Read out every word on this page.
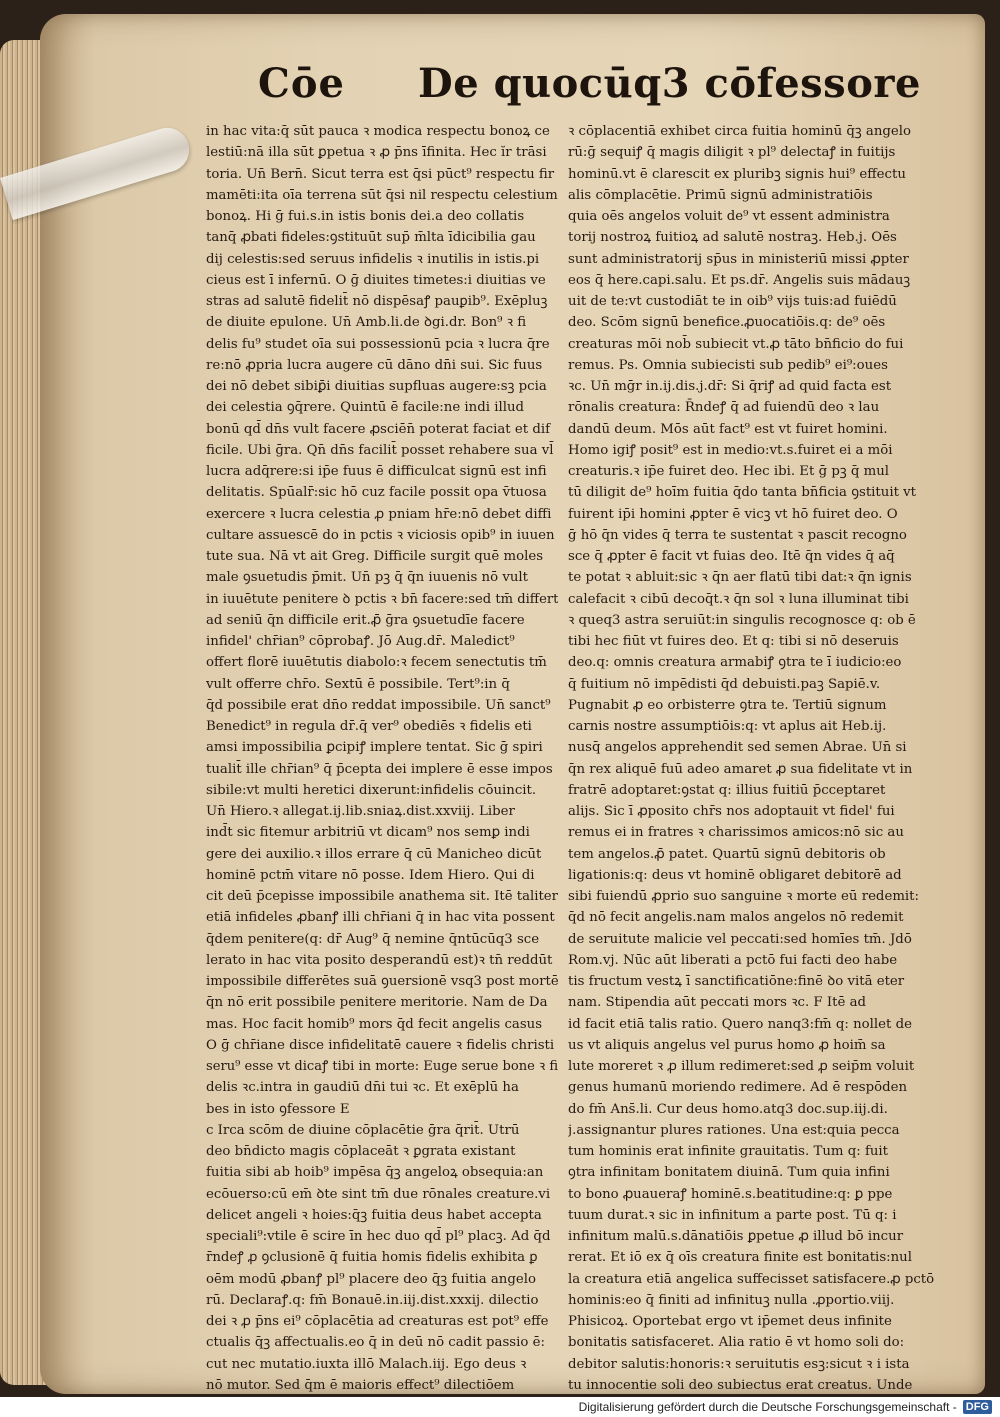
Cōe De quocūq3 cōfessore
in hac vita:q̄ sūt pauca ꝛ modica respectu bonoꝝ ce
lestiū:nā illa sūt ꝑpetua ꝛ ꝓ p̄ns īfinita. Hec ĭr trāsi
toria. Un̄ Bern̄. Sicut terra est q̄si pūct⁹ respectu fir
mamēti:ita oīa terrena sūt q̄si nil respectu celestium
bonoꝝ. Hi ḡ fui.s.in istis bonis dei.a deo collatis
tanq̄ ꝓbati fideles:ꝯstituūt sup̄ m̄lta īdicibilia gau
dij celestis:sed seruus infidelis ꝛ inutilis in istis.pi
cieus est ī infernū. O ḡ diuites timetes:i diuitias ve
stras ad salutē fidelit̄ nō dispēsaꝭ pauꝑib⁹. Exēpluꝫ
de diuite epulone. Un̄ Amb.li.de ꝺgi.dr. Bon⁹ ꝛ fi
delis fu⁹ studet oīa sui possessionū pcia ꝛ lucra q̄re
re:nō ꝓpria lucra augere cū dāno dn̄i sui. Sic fuus
dei nō debet sibiꝑ̄i diuitias supfluas augere:sꝫ pcia
dei celestia ꝯq̄rere. Quintū ē facile:ne indi illud
bonū qd̄ dn̄s vult facere ꝓsciēn̄ poterat faciat et dif
ficile. Ubi ḡra. Qn̄ dn̄s facilit̄ posset rehabere sua vl̄
lucra adq̄rere:si ip̄e fuus ē difficulcat signū est infi
delitatis. Spūalr̄:sic hō cuz facile possit opa v̄tuosa
exercere ꝛ lucra celestia ꝓ pniam hr̄e:nō debet diffi
cultare assuescē do in pctis ꝛ viciosis opib⁹ in iuuen
tute sua. Nā vt ait Greg. Difficile surgit quē moles
male ꝯsuetudis p̄mit. Un̄ pꝫ q̄ q̄n iuuenis nō vult
in iuuētute penitere ꝺ pctis ꝛ bn̄ facere:sed tm̄ differt
ad seniū q̄n difficile erit.ꝓ̄ ḡra ꝯsuetudīe facere
infidel' chr̄ian⁹ cōprobaꝭ. Jō Aug.dr̄. Maledict⁹
offert florē iuuētutis diabolo:ꝛ fecem senectutis tm̄
vult offerre chr̄o. Sextū ē possibile. Tert⁹:in q̄
q̄d possibile erat dn̄o reddat impossibile. Un̄ sanct⁹
Benedict⁹ in regula dr̄.q̄ ver⁹ obediēs ꝛ fidelis eti
amsi impossibilia ꝑcipiꝭ implere tentat. Sic ḡ spiri
tualit̄ ille chr̄ian⁹ q̄ p̄cepta dei implere ē esse impos
sibile:vt multi heretici dixerunt:infidelis cōuincit.
Un̄ Hiero.ꝛ allegat.ij.lib.sniaꝝ.dist.xxviij. Liber
ind̄t sic fitemur arbitriū vt dicam⁹ nos semꝑ indi
gere dei auxilio.ꝛ illos errare q̄ cū Manicheo dicūt
hominē pctm̄ vitare nō posse. Idem Hiero. Qui di
cit deū p̄cepisse impossibile anathema sit. Itē taliter
etiā infideles ꝓbanꝭ illi chr̄iani q̄ in hac vita possent
q̄dem penitere(q: dr̄ Aug⁹ q̄ nemine q̄ntūcūq3 sce
lerato in hac vita posito desperandū est)ꝛ tn̄ reddūt
impossibile differētes suā ꝯuersionē vsq3 post mortē
q̄n nō erit possibile penitere meritorie. Nam de Da
mas. Hoc facit homib⁹ mors q̄d fecit angelis casus
O ḡ chr̄iane disce infidelitatē cauere ꝛ fidelis christi
seru⁹ esse vt dicaꝭ tibi in morte: Euge serue bone ꝛ fi
delis ꝛc.intra in gaudiū dn̄i tui ꝛc. Et exēplū ha
bes in isto ꝯfessore E
c Irca scōm de diuine cōplacētie ḡra q̄rit̄. Utrū
deo bn̄dicto magis cōplaceāt ꝛ ꝑgrata existant
fuitia sibi ab hoib⁹ impēsa q̄ꝫ angeloꝝ obsequia:an
ecōuerso:cū em̄ ꝺte sint tm̄ due rōnales creature.vi
delicet angeli ꝛ hoies:q̄ꝫ fuitia deus habet accepta
speciali⁹:vtile ē scire īn hec duo qd̄ pl⁹ placꝫ. Ad q̄d
r̄ndeꝭ ꝓ ꝯclusionē q̄ fuitia homis fidelis exhibita ꝑ
oēm modū ꝓbanꝭ pl⁹ placere deo q̄ꝫ fuitia angelo
rū. Declaraꝭ.q: fm̄ Bonauē.in.iij.dist.xxxij. dilectio
dei ꝛ ꝓ p̄ns ei⁹ cōplacētia ad creaturas est pot⁹ effe
ctualis q̄ꝫ affectualis.eo q̄ in deū nō cadit passio ē:
cut nec mutatio.iuxta illō Malach.iij. Ego deus ꝛ
nō mutor. Sed q̄m ē maioris effect⁹ dilectiōem
ꝛ cōplacentiā exhibet circa fuitia hominū q̄ꝫ angelo
rū:ḡ sequiꝭ q̄ magis diligit ꝛ pl⁹ delectaꝭ in fuitijs
hominū.vt ē clarescit ex pluribꝫ signis hui⁹ effectu
alis cōmplacētie. Primū signū administratiōis
quia oēs angelos voluit de⁹ vt essent administra
torij nostroꝝ fuitioꝝ ad salutē nostraꝫ. Heb.j. Oēs
sunt administratorij sp̄us in ministeriū missi ꝓpter
eos q̄ here.capi.salu. Et ps.dr̄. Angelis suis mādauꝫ
uit de te:vt custodiāt te in oib⁹ vijs tuis:ad fuiēdū
deo. Scōm signū benefice.ꝓuocatiōis.q: de⁹ oēs
creaturas mōi nob̄ subiecit vt.ꝓ tāto bn̄ficio do fui
remus. Ps. Omnia subiecisti sub pedib⁹ ei⁹:oues
ꝛc. Un̄ mḡr in.ij.dis.j.dr̄: Si q̄riꝭ ad quid facta est
rōnalis creatura: R̄ndeꝭ q̄ ad fuiendū deo ꝛ lau
dandū deum. Mōs aūt fact⁹ est vt fuiret homini.
Homo igiꝭ posit⁹ est in medio:vt.s.fuiret ei a mōi
creaturis.ꝛ ip̄e fuiret deo. Hec ibi. Et ḡ pꝫ q̄ mul
tū diligit de⁹ hoīm fuitia q̄do tanta bn̄ficia ꝯstituit vt
fuirent ip̄i homini ꝓpter ē vicꝫ vt hō fuiret deo. O
ḡ hō q̄n vides q̄ terra te sustentat ꝛ pascit recogno
sce q̄ ꝓpter ē facit vt fuias deo. Itē q̄n vides q̄ aq̄
te potat ꝛ abluit:sic ꝛ q̄n aer flatū tibi dat:ꝛ q̄n ignis
calefacit ꝛ cibū decoq̄t.ꝛ q̄n sol ꝛ luna illuminat tibi
ꝛ queq3 astra seruiūt:in singulis recognosce q: ob ē
tibi hec fiūt vt fuires deo. Et q: tibi si nō deseruis
deo.q: omnis creatura armabiꝭ ꝯtra te ī iudicio:eo
q̄ fuitium nō impēdisti q̄d debuisti.paꝫ Sapiē.v.
Pugnabit ꝓ eo orbisterre ꝯtra te. Tertiū signum
carnis nostre assumptiōis:q: vt aplus ait Heb.ij.
nusq̄ angelos apprehendit sed semen Abrae. Un̄ si
q̄n rex aliquē fuū adeo amaret ꝓ sua fidelitate vt in
fratrē adoptaret:ꝯstat q: illius fuitiū p̄cceptaret
alijs. Sic ī ꝓposito chr̄s nos adoptauit vt fidel' fui
remus ei in fratres ꝛ charissimos amicos:nō sic au
tem angelos.ꝓ̄ patet. Quartū signū debitoris ob
ligationis:q: deus vt hominē obligaret debitorē ad
sibi fuiendū ꝓprio suo sanguine ꝛ morte eū redemit:
q̄d nō fecit angelis.nam malos angelos nō redemit
de seruitute malicie vel peccati:sed homīes tm̄. Jdō
Rom.vj. Nūc aūt liberati a pctō fui facti deo habe
tis fructum vestꝝ ī sanctificatiōne:finē ꝺo vitā eter
nam. Stipendia aūt peccati mors ꝛc. F Itē ad
id facit etiā talis ratio. Quero nanq3:fm̄ q: nollet de
us vt aliquis angelus vel purus homo ꝓ hoim̄ sa
lute moreret ꝛ ꝓ illum redimeret:sed ꝓ seip̄m voluit
genus humanū moriendo redimere. Ad ē respōden
do fm̄ Ans̄.li. Cur deus homo.atq3 doc.sup.iij.di.
j.assignantur plures rationes. Una est:quia pecca
tum hominis erat infinite grauitatis. Tum q: fuit
ꝯtra infinitam bonitatem diuinā. Tum quia infini
to bono ꝓuaueraꝭ hominē.s.beatitudine:q: ꝑ ppe
tuum durat.ꝛ sic in infinitum a parte post. Tū q: i
infinitum malū.s.dānatiōis ꝑpetue ꝓ illud bō incur
rerat. Et iō ex q̄ oīs creatura finite est bonitatis:nul
la creatura etiā angelica suffecisset satisfacere.ꝓ pctō
hominis:eo q̄ finiti ad infinituꝫ nulla .ꝓportio.viij.
Phisicoꝝ. Oportebat ergo vt ip̄emet deus infinite
bonitatis satisfaceret. Alia ratio ē vt homo soli do:
debitor salutis:honoris:ꝛ seruitutis esꝫ:sicut ꝛ i ista
tu innocentie soli deo subiectus erat creatus. Unde
Digitalisierung gefördert durch die Deutsche Forschungsgemeinschaft - DFG
